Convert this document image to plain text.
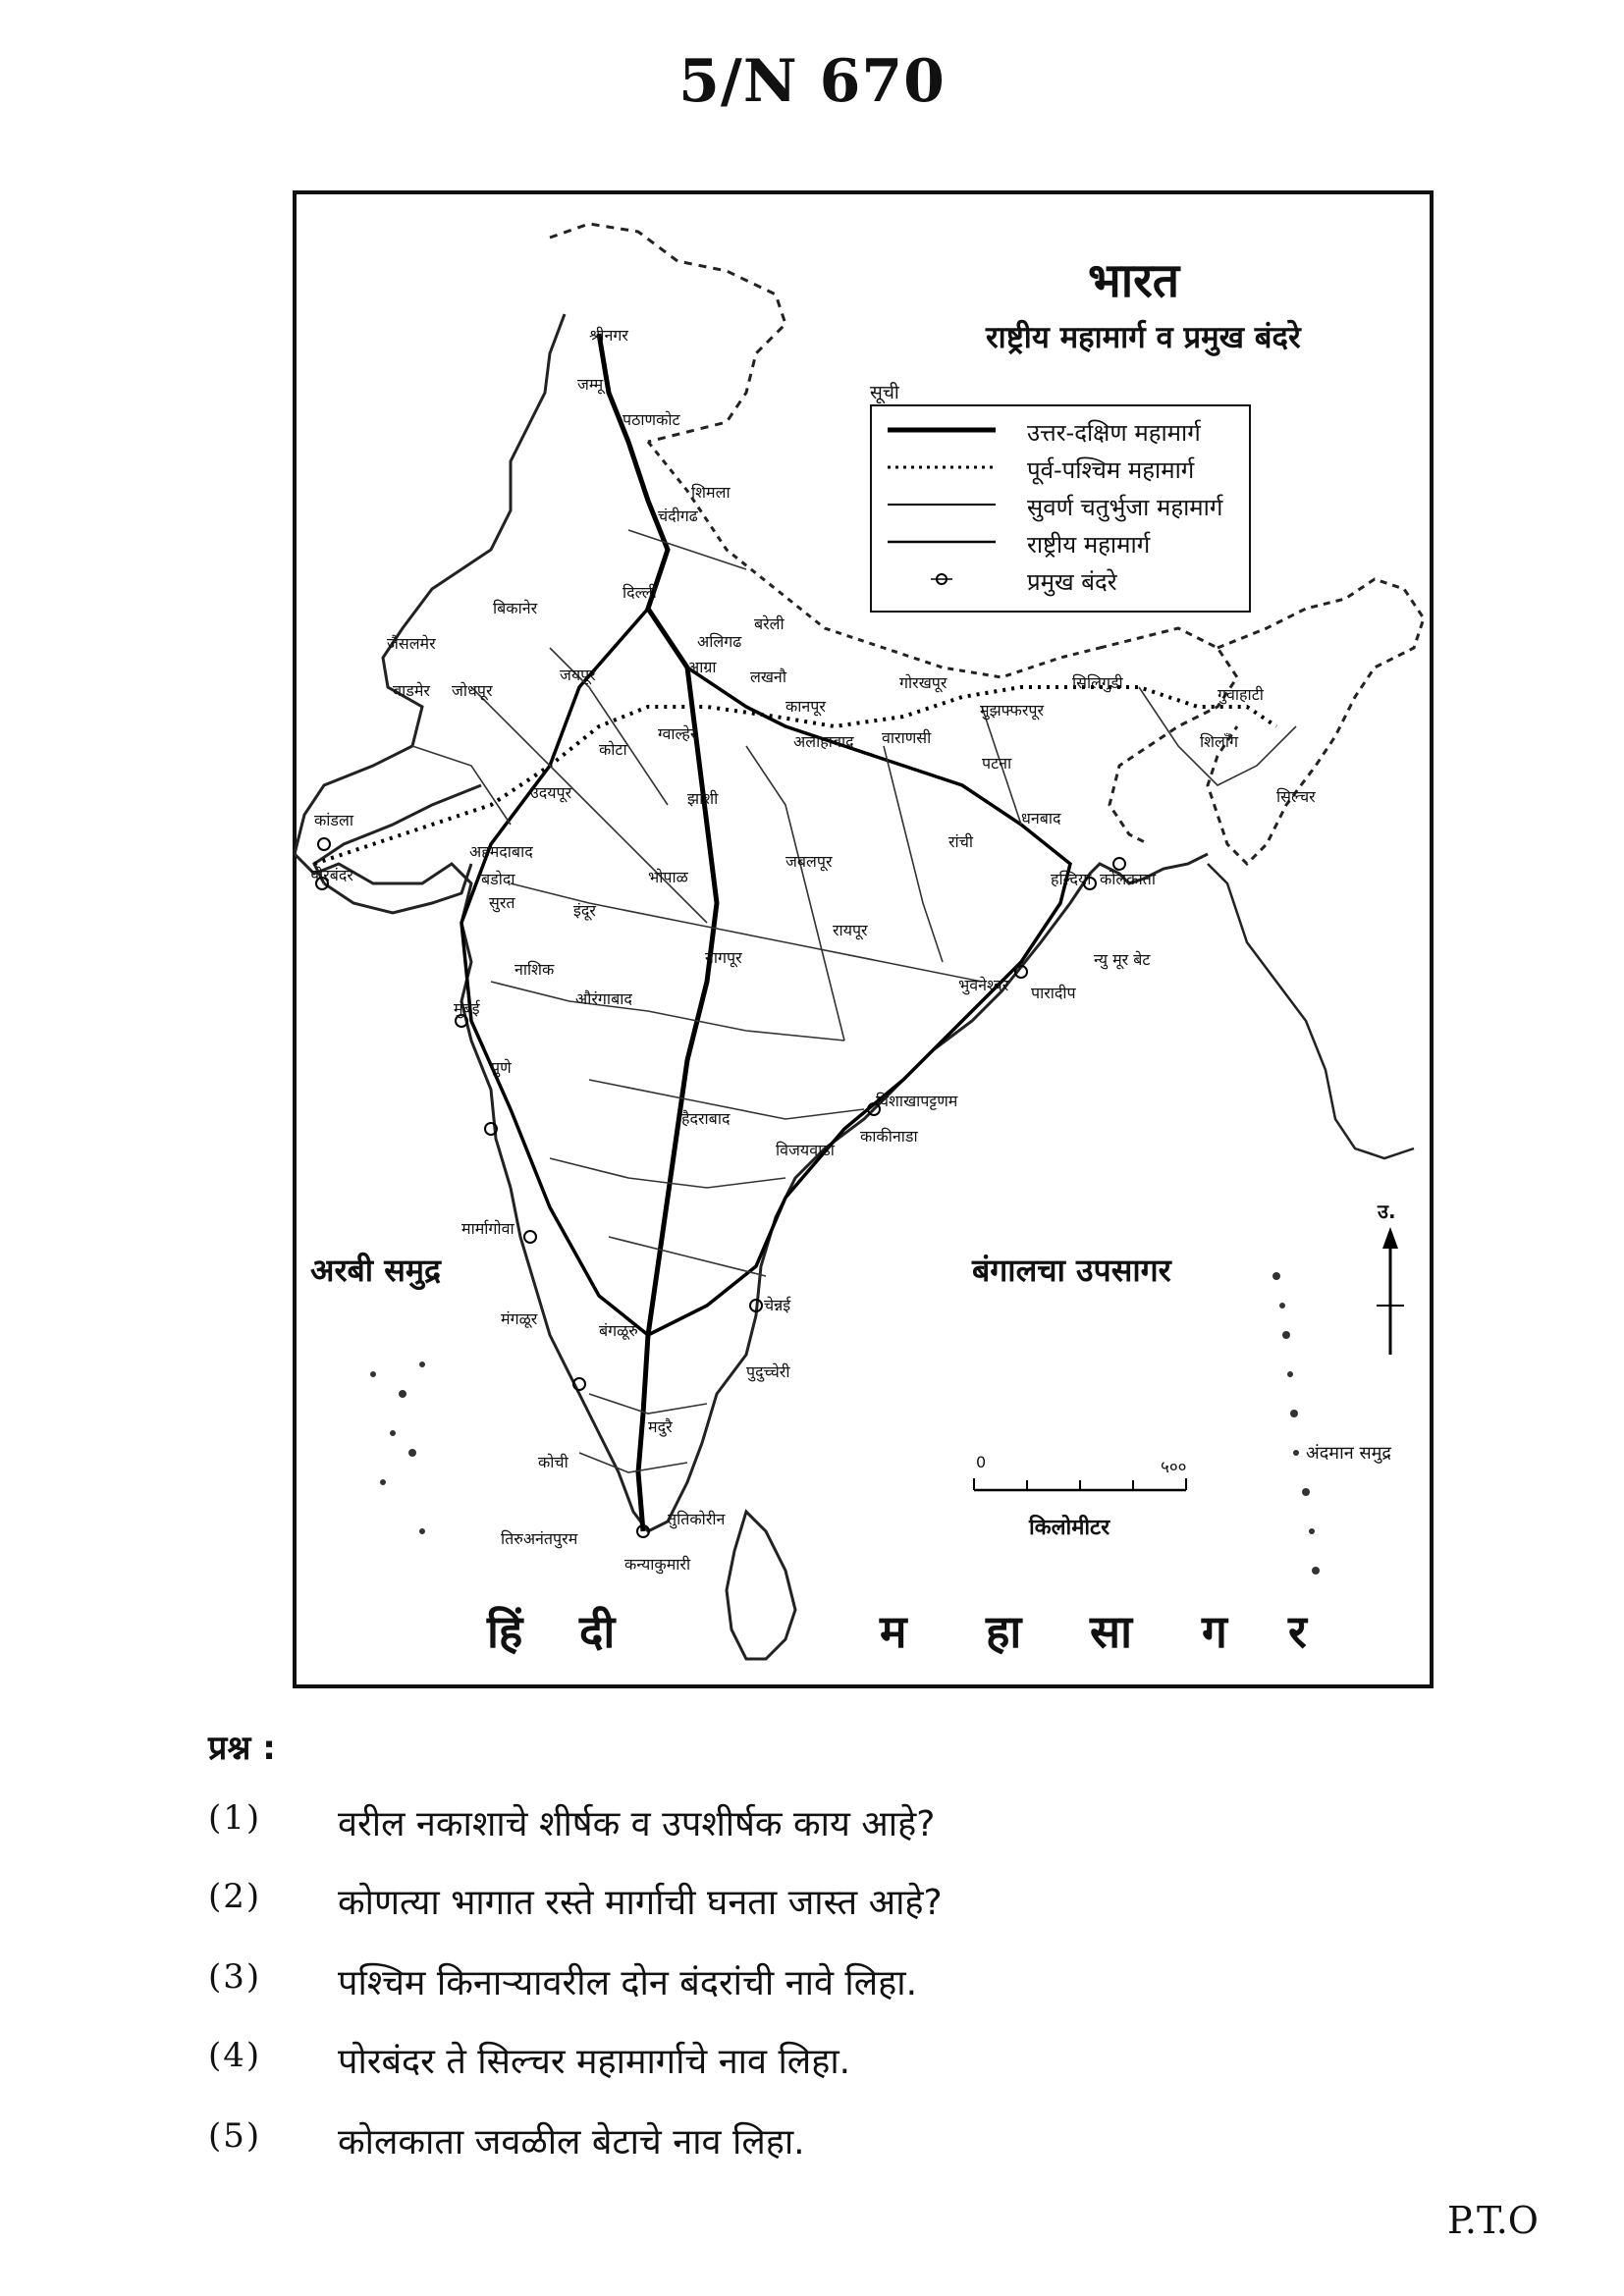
5/N 670
भारत
राष्ट्रीय महामार्ग व प्रमुख बंदरे
सूची
उत्तर-दक्षिण महामार्ग
पूर्व-पश्चिम महामार्ग
सुवर्ण चतुर्भुजा महामार्ग
राष्ट्रीय महामार्ग
प्रमुख बंदरे
अरबी समुद्र	बंगालचा उपसागर
अंदमान समुद्र
हिं दी	म हा सा ग र
0	५००
किलोमीटर
उ.
श्रीनगर
जम्मू
पठाणकोट
शिमला
चंदीगढ
दिल्ली
बिकानेर
जैसलमेर
बाडमेर जोधपूर
जयपूर	आग्रा
अलिगढ
बरेली
लखनौ
कानपूर
अलाहाबाद वाराणसी
गोरखपूर
मुझफ्फरपूर
पटना
सिलिगुडी
गुवाहाटी
शिलाँग
सिल्चर
उदयपूर
कोटा
ग्वाल्हेर
झाशी
भोपाळ
इंदूर
जबलपूर
अहमदाबाद
बडोदा
पोरबंदर
कांडला
सुरत
रांची
धनबाद
कोलकाता
हल्दिया
न्यु मूर बेट
पारादीप
भुवनेश्वर
रायपूर
नागपूर
मुंबई
पुणे
नाशिक
औरंगाबाद
हैदराबाद
विशाखापट्टणम
काकीनाडा
विजयवाडा
मार्मागोवा
बंगळूरु
चेन्नई
पुदुच्चेरी
मंगळूर
कोची
मदुरै
तिरुअनंतपुरम
कन्याकुमारी
तुतिकोरीन
प्रश्न :
(1) वरील नकाशाचे शीर्षक व उपशीर्षक काय आहे?
(2) कोणत्या भागात रस्ते मार्गाची घनता जास्त आहे?
(3) पश्चिम किनाऱ्यावरील दोन बंदरांची नावे लिहा.
(4) पोरबंदर ते सिल्चर महामार्गाचे नाव लिहा.
(5) कोलकाता जवळील बेटाचे नाव लिहा.
P.T.O
